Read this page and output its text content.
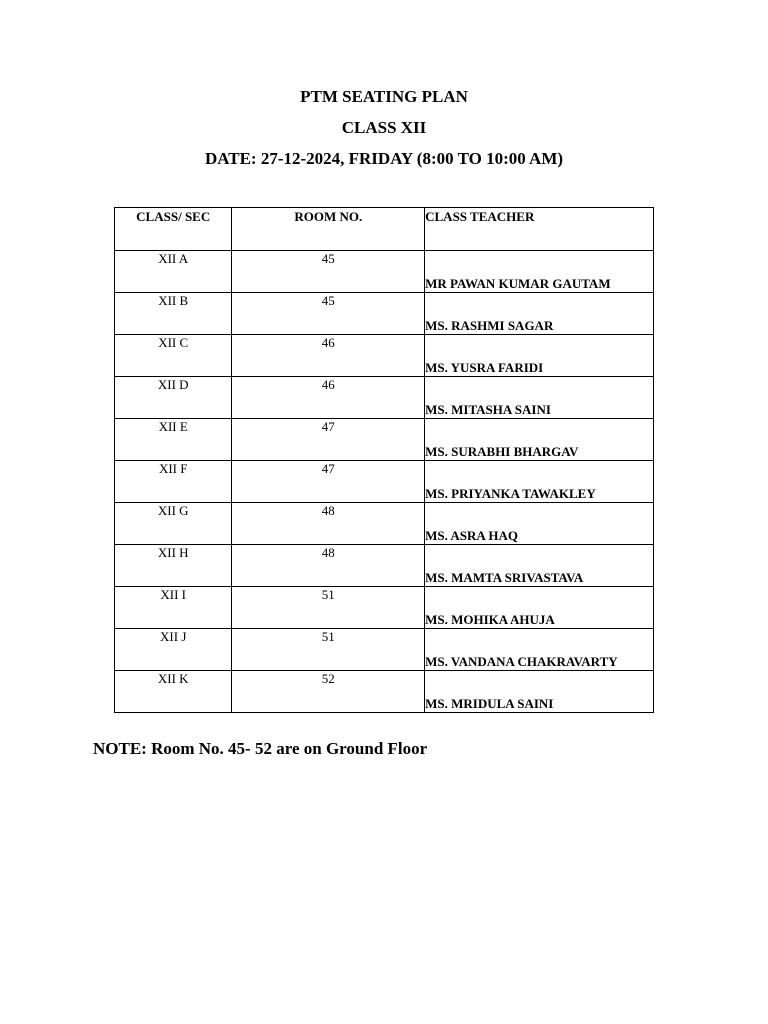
PTM SEATING PLAN
CLASS XII
DATE: 27-12-2024, FRIDAY (8:00 TO 10:00 AM)
CLASS/ SEC	ROOM NO.	CLASS TEACHER
XII A	45	MR PAWAN KUMAR GAUTAM
XII B	45	MS. RASHMI SAGAR
XII C	46	MS. YUSRA FARIDI
XII D	46	MS. MITASHA SAINI
XII E	47	MS. SURABHI BHARGAV
XII F	47	MS. PRIYANKA TAWAKLEY
XII G	48	MS. ASRA HAQ
XII H	48	MS. MAMTA SRIVASTAVA
XII I	51	MS. MOHIKA AHUJA
XII J	51	MS. VANDANA CHAKRAVARTY
XII K	52	MS. MRIDULA SAINI

NOTE: Room No. 45- 52 are on Ground Floor
